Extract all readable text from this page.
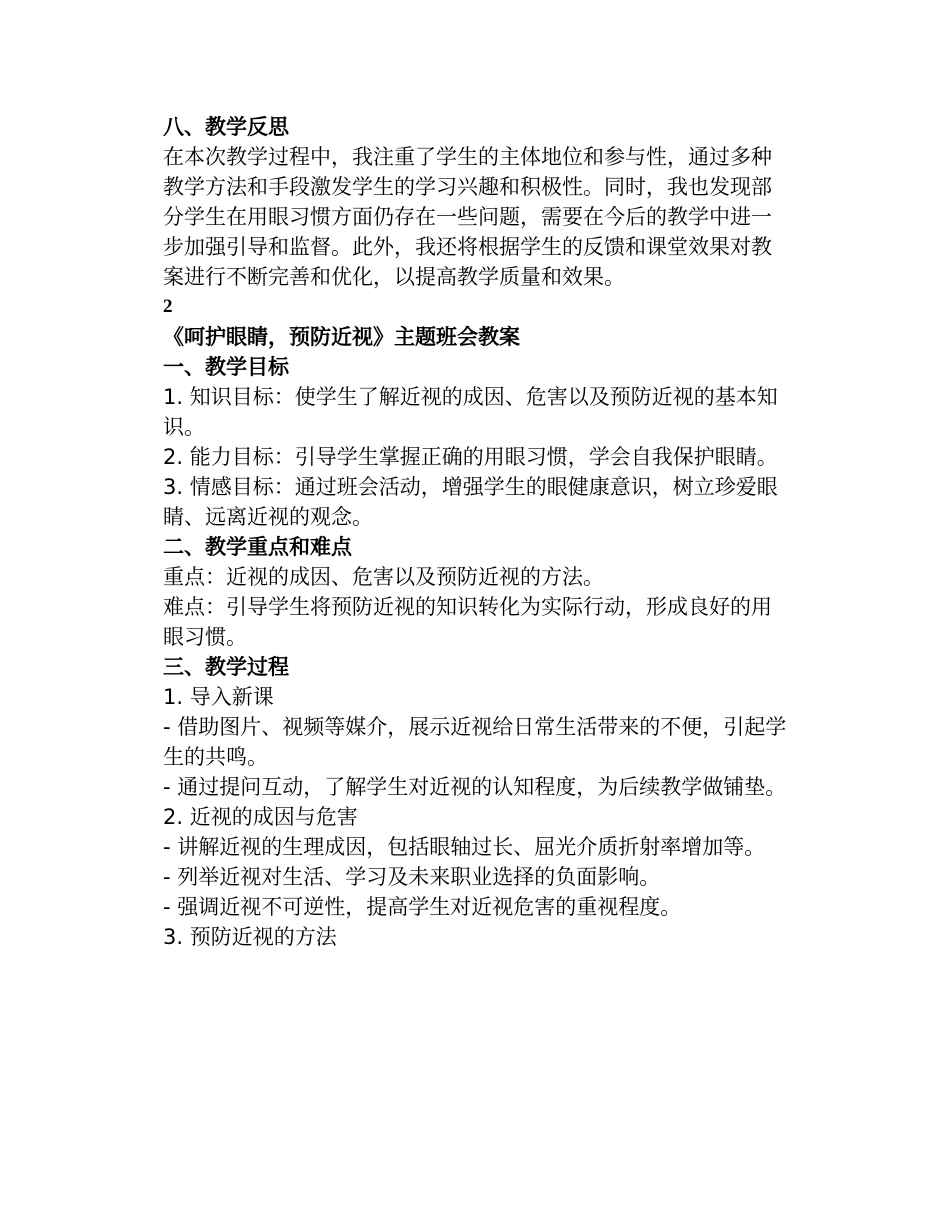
八、教学反思

在本次教学过程中，我注重了学生的主体地位和参与性，通过多种教学方法和手段激发学生的学习兴趣和积极性。同时，我也发现部分学生在用眼习惯方面仍存在一些问题，需要在今后的教学中进一步加强引导和监督。此外，我还将根据学生的反馈和课堂效果对教案进行不断完善和优化，以提高教学质量和效果。

2

《呵护眼睛，预防近视》主题班会教案

一、教学目标

1. 知识目标：使学生了解近视的成因、危害以及预防近视的基本知识。

2. 能力目标：引导学生掌握正确的用眼习惯，学会自我保护眼睛。

3. 情感目标：通过班会活动，增强学生的眼健康意识，树立珍爱眼睛、远离近视的观念。

二、教学重点和难点

重点：近视的成因、危害以及预防近视的方法。

难点：引导学生将预防近视的知识转化为实际行动，形成良好的用眼习惯。

三、教学过程

1. 导入新课

- 借助图片、视频等媒介，展示近视给日常生活带来的不便，引起学生的共鸣。

- 通过提问互动，了解学生对近视的认知程度，为后续教学做铺垫。

2. 近视的成因与危害

- 讲解近视的生理成因，包括眼轴过长、屈光介质折射率增加等。

- 列举近视对生活、学习及未来职业选择的负面影响。

- 强调近视不可逆性，提高学生对近视危害的重视程度。

3. 预防近视的方法
